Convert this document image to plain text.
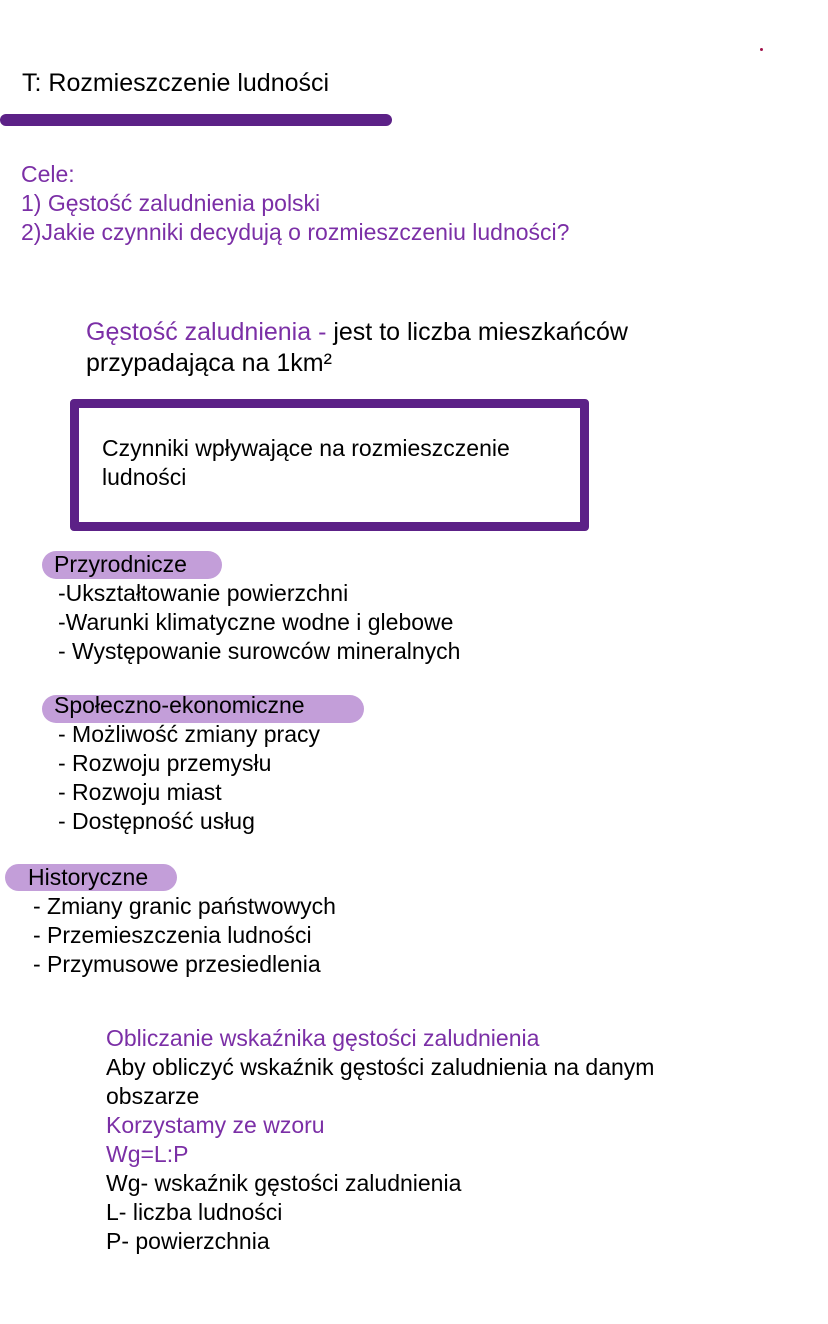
T: Rozmieszczenie ludności
Cele:
1) Gęstość zaludnienia polski
2)Jakie czynniki decydują o rozmieszczeniu ludności?
Gęstość zaludnienia - jest to liczba mieszkańców
przypadająca na 1km²
Czynniki wpływające na rozmieszczenie ludności
Przyrodnicze
-Ukształtowanie powierzchni
-Warunki klimatyczne wodne i glebowe
- Występowanie surowców mineralnych
Społeczno-ekonomiczne
- Możliwość zmiany pracy
- Rozwoju przemysłu
- Rozwoju miast
- Dostępność usług
Historyczne
- Zmiany granic państwowych
- Przemieszczenia ludności
- Przymusowe przesiedlenia
Obliczanie wskaźnika gęstości zaludnienia
Aby obliczyć wskaźnik gęstości zaludnienia na danym
obszarze
Korzystamy ze wzoru
Wg=L:P
Wg- wskaźnik gęstości zaludnienia
L- liczba ludności
P- powierzchnia
